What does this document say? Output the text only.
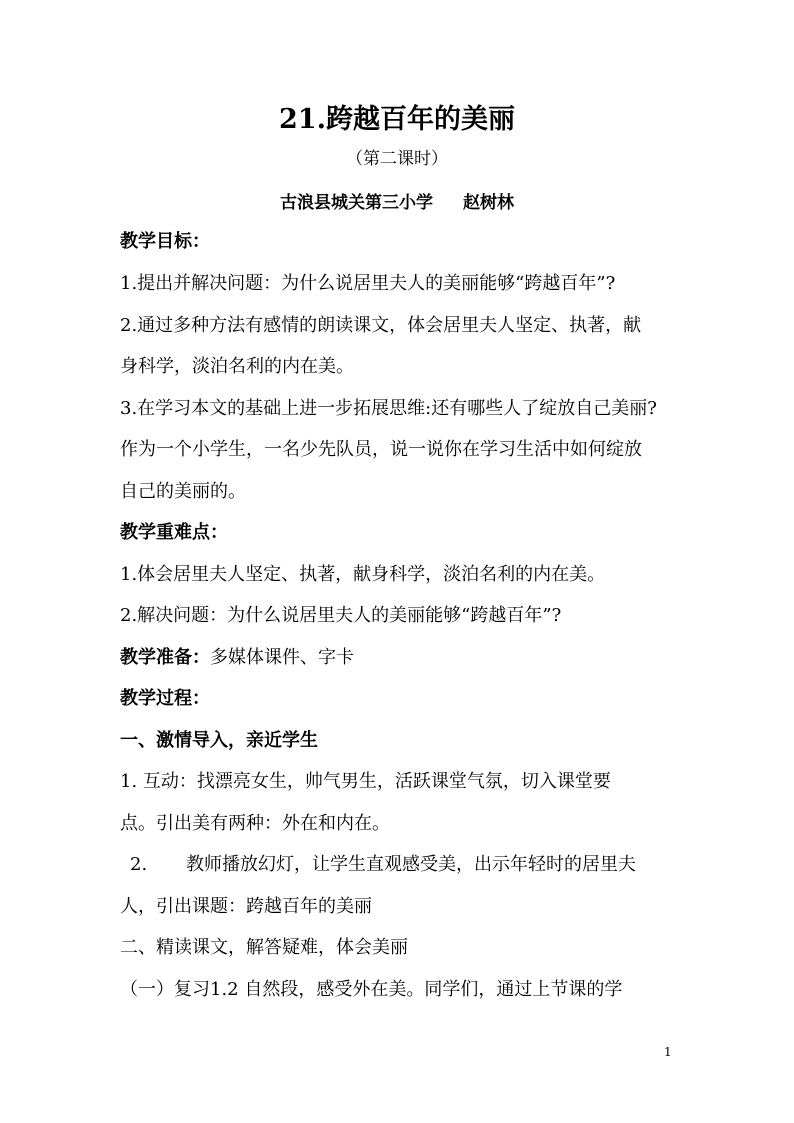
21.跨越百年的美丽
（第二课时）
古浪县城关第三小学 赵树林
教学目标：
1.提出并解决问题：为什么说居里夫人的美丽能够“跨越百年”?
2.通过多种方法有感情的朗读课文，体会居里夫人坚定、执著，献
身科学，淡泊名利的内在美。
3.在学习本文的基础上进一步拓展思维:还有哪些人了绽放自己美丽?
作为一个小学生，一名少先队员，说一说你在学习生活中如何绽放
自己的美丽的。
教学重难点：
1.体会居里夫人坚定、执著，献身科学，淡泊名利的内在美。
2.解决问题：为什么说居里夫人的美丽能够“跨越百年”?
教学准备：多媒体课件、字卡
教学过程：
一、激情导入，亲近学生
1. 互动：找漂亮女生，帅气男生，活跃课堂气氛，切入课堂要
点。引出美有两种：外在和内在。
2. 教师播放幻灯，让学生直观感受美，出示年轻时的居里夫
人，引出课题：跨越百年的美丽
二、精读课文，解答疑难，体会美丽
（一）复习1.2 自然段，感受外在美。同学们，通过上节课的学
1
